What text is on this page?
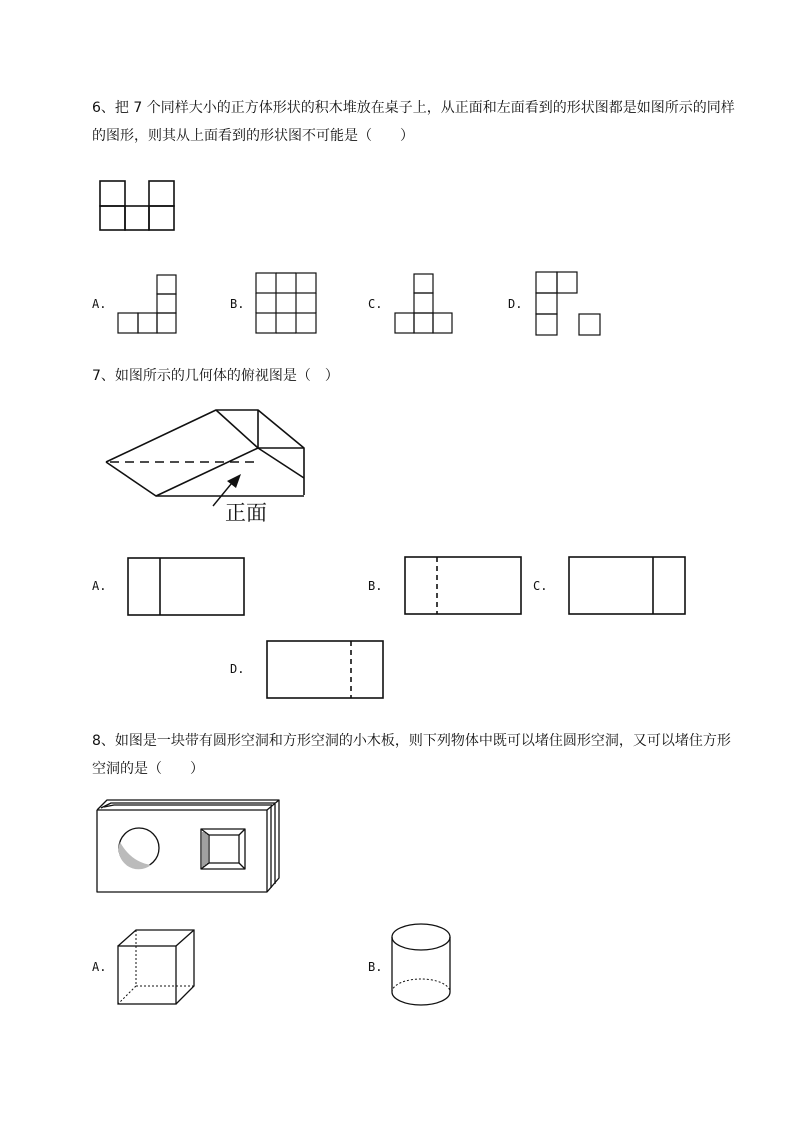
6、把 7 个同样大小的正方体形状的积木堆放在桌子上，从正面和左面看到的形状图都是如图所示的同样的图形，则其从上面看到的形状图不可能是（　　）
A.	B.	C.	D.
7、如图所示的几何体的俯视图是（　）
正面
A.	B.	C.
D.
8、如图是一块带有圆形空洞和方形空洞的小木板，则下列物体中既可以堵住圆形空洞，又可以堵住方形空洞的是（　　）
A.	B.
